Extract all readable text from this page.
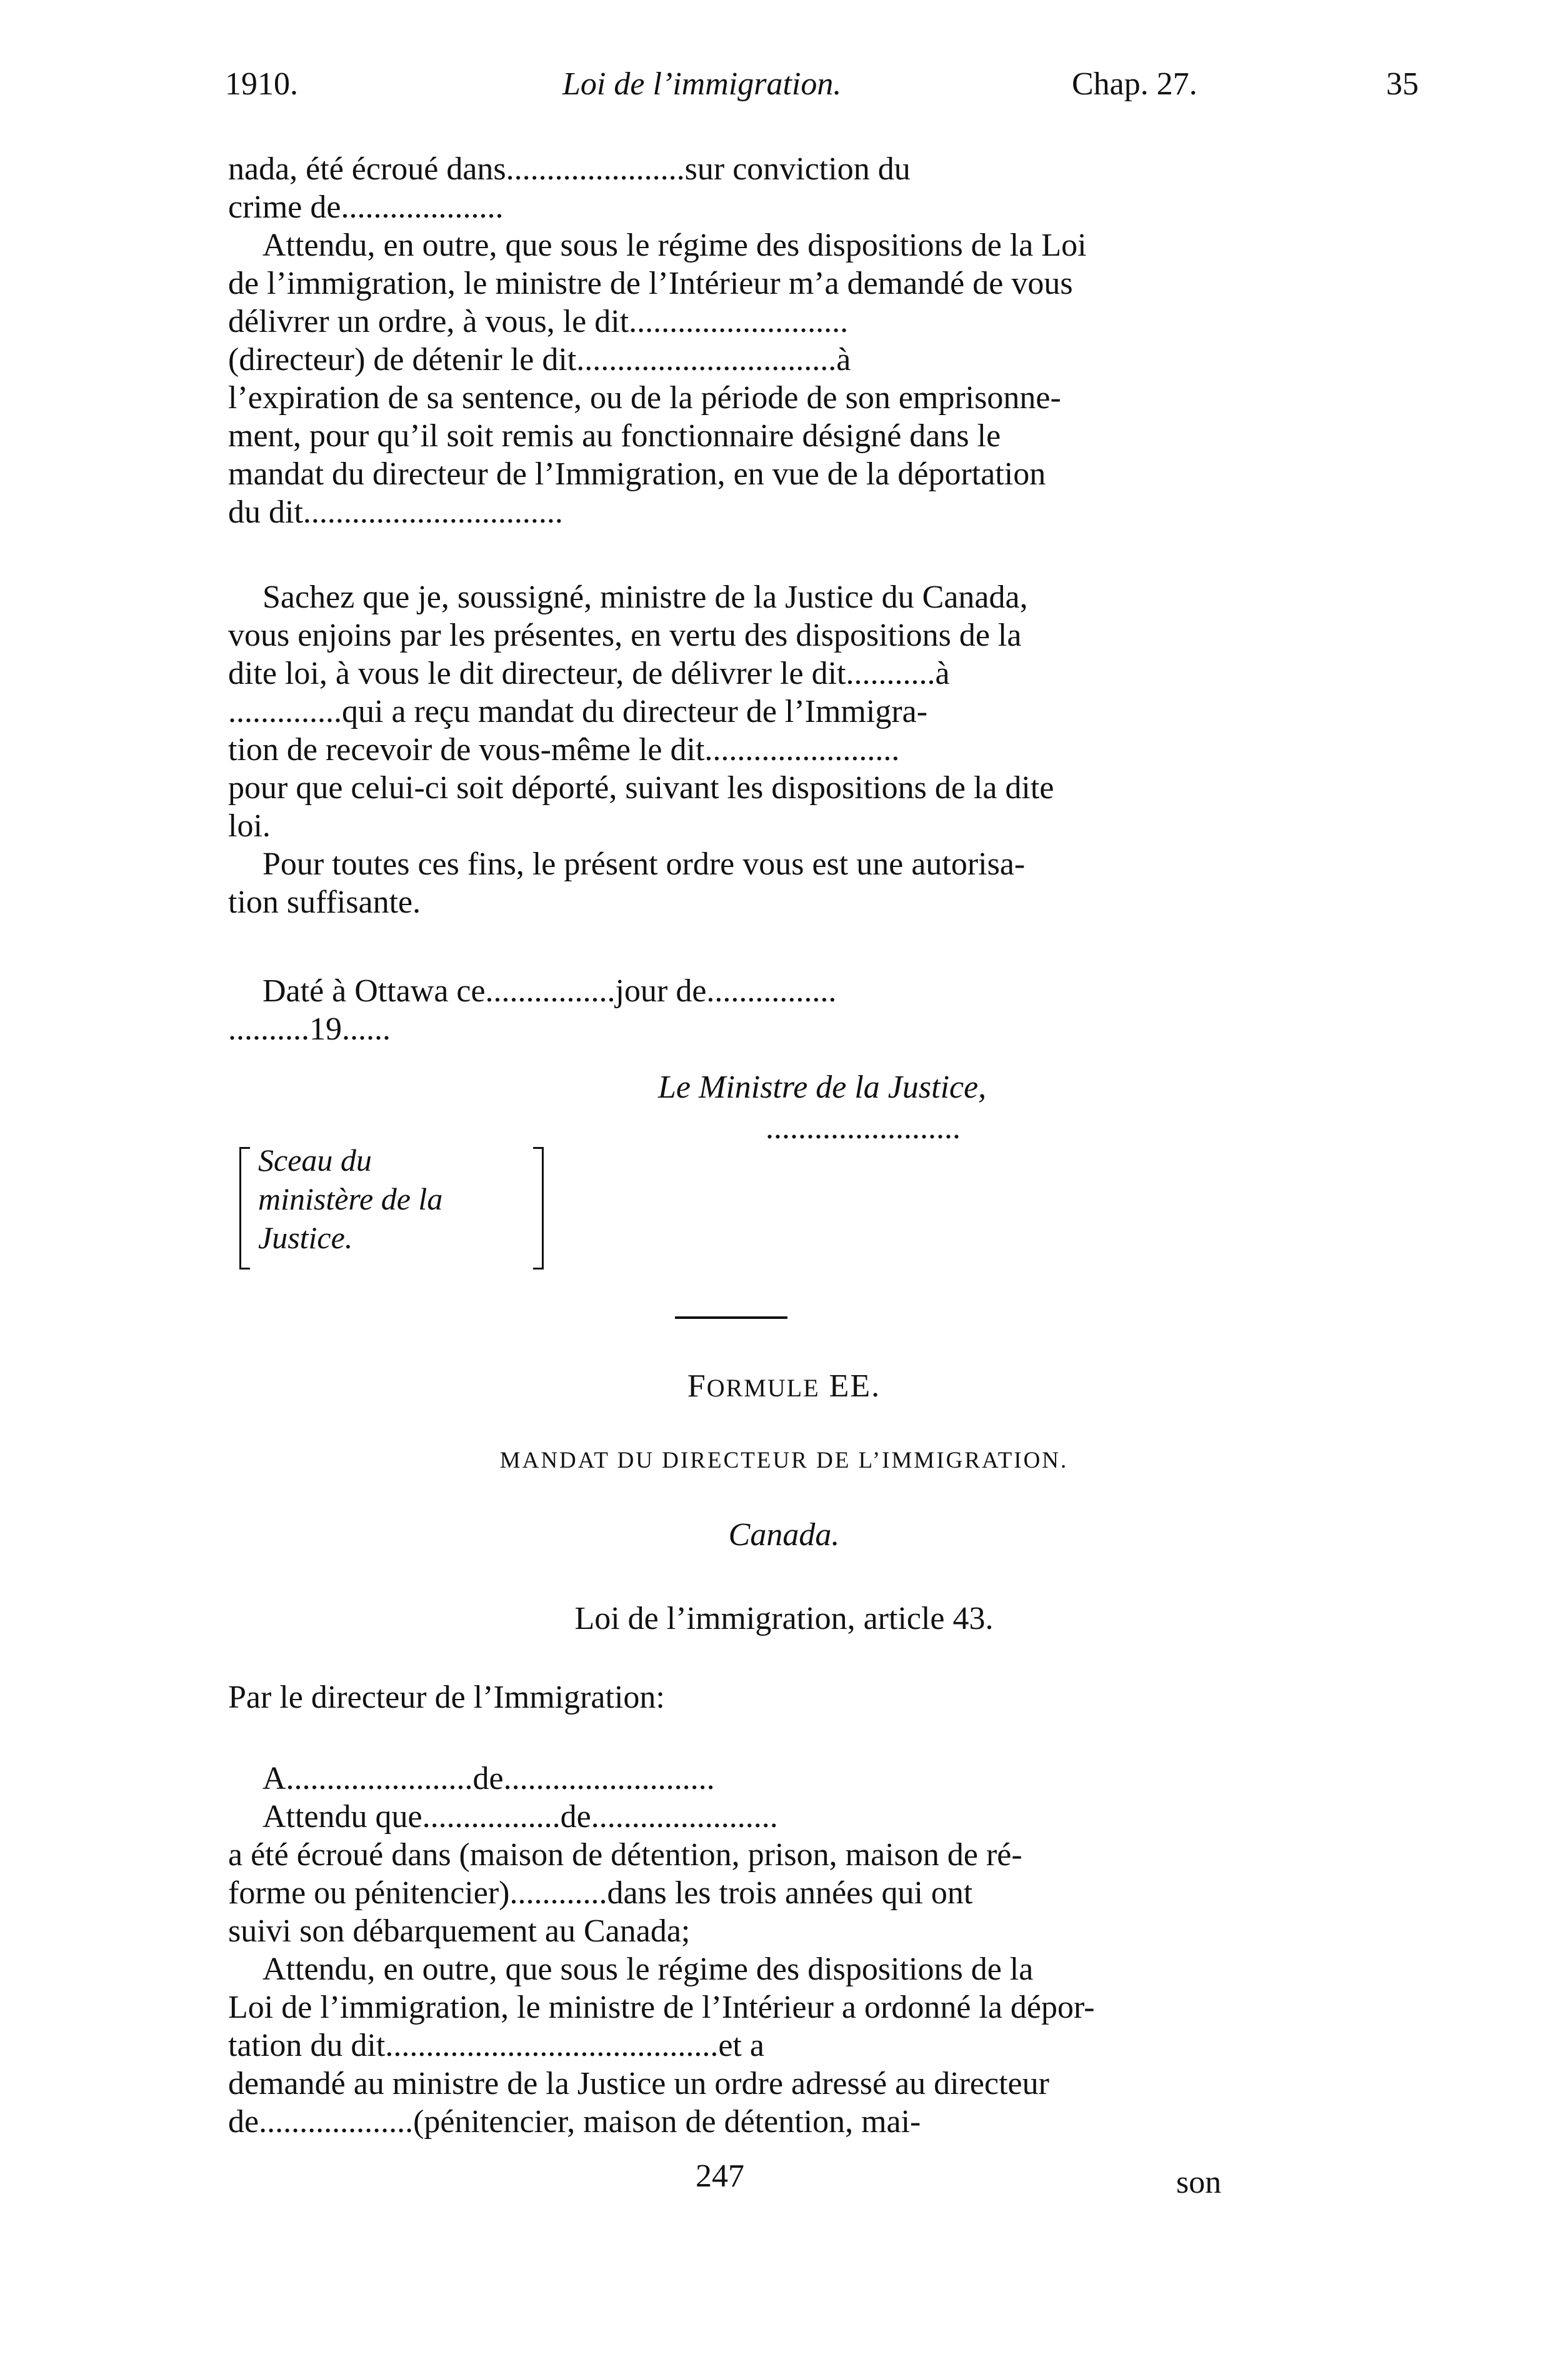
1910.	Loi de l’immigration.	Chap. 27.	35
nada, été écroué dans......................sur conviction du
crime de....................
Attendu, en outre, que sous le régime des dispositions de la Loi
de l’immigration, le ministre de l’Intérieur m’a demandé de vous
délivrer un ordre, à vous, le dit...........................
(directeur) de détenir le dit................................à
l’expiration de sa sentence, ou de la période de son emprisonne-
ment, pour qu’il soit remis au fonctionnaire désigné dans le
mandat du directeur de l’Immigration, en vue de la déportation
du dit................................
Sachez que je, soussigné, ministre de la Justice du Canada,
vous enjoins par les présentes, en vertu des dispositions de la
dite loi, à vous le dit directeur, de délivrer le dit...........à
..............qui a reçu mandat du directeur de l’Immigra-
tion de recevoir de vous-même le dit........................
pour que celui-ci soit déporté, suivant les dispositions de la dite
loi.
Pour toutes ces fins, le présent ordre vous est une autorisa-
tion suffisante.
Daté à Ottawa ce................jour de................
..........19......
Le Ministre de la Justice,
........................
Sceau du
ministère de la
Justice.
FORMULE EE.
MANDAT DU DIRECTEUR DE L’IMMIGRATION.
Canada.
Loi de l’immigration, article 43.
Par le directeur de l’Immigration:
A.......................de..........................
Attendu que.................de.......................
a été écroué dans (maison de détention, prison, maison de ré-
forme ou pénitencier)............dans les trois années qui ont
suivi son débarquement au Canada;
Attendu, en outre, que sous le régime des dispositions de la
Loi de l’immigration, le ministre de l’Intérieur a ordonné la dépor-
tation du dit.........................................et a
demandé au ministre de la Justice un ordre adressé au directeur
de...................(pénitencier, maison de détention, mai-
247	son
